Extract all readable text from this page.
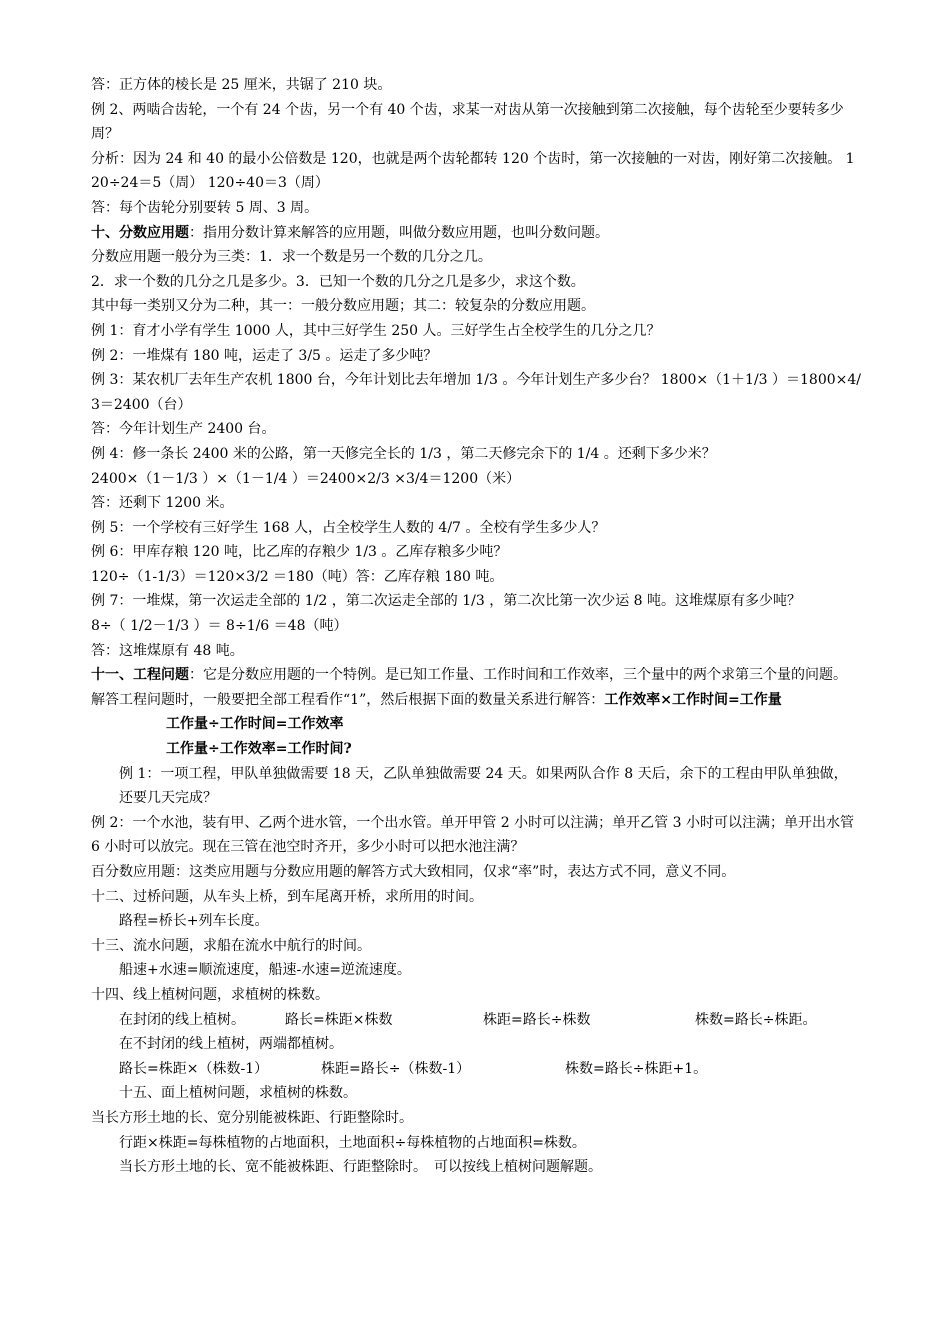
答：正方体的棱长是 25 厘米，共锯了 210 块。

例 2、两啮合齿轮，一个有 24 个齿，另一个有 40 个齿，求某一对齿从第一次接触到第二次接触，每个齿轮至少要转多少周？

分析：因为 24 和 40 的最小公倍数是 120，也就是两个齿轮都转 120 个齿时，第一次接触的一对齿，刚好第二次接触。 120÷24＝5（周） 120÷40＝3（周）

答：每个齿轮分别要转 5 周、3 周。

十、分数应用题：指用分数计算来解答的应用题，叫做分数应用题，也叫分数问题。

分数应用题一般分为三类：1．求一个数是另一个数的几分之几。

2．求一个数的几分之几是多少。3．已知一个数的几分之几是多少，求这个数。

其中每一类别又分为二种，其一：一般分数应用题；其二：较复杂的分数应用题。

例 1：育才小学有学生 1000 人，其中三好学生 250 人。三好学生占全校学生的几分之几？

例 2：一堆煤有 180 吨，运走了 3/5 。运走了多少吨？

例 3：某农机厂去年生产农机 1800 台，今年计划比去年增加 1/3 。今年计划生产多少台？ 1800×（1＋1/3 ）＝1800×4/3＝2400（台）

答：今年计划生产 2400 台。

例 4：修一条长 2400 米的公路，第一天修完全长的 1/3 ，第二天修完余下的 1/4 。还剩下多少米？

2400×（1－1/3 ）×（1－1/4 ）＝2400×2/3 ×3/4＝1200（米）

答：还剩下 1200 米。

例 5：一个学校有三好学生 168 人，占全校学生人数的 4/7 。全校有学生多少人？

例 6：甲库存粮 120 吨，比乙库的存粮少 1/3 。乙库存粮多少吨？

120÷（1-1/3）＝120×3/2 ＝180（吨）答：乙库存粮 180 吨。

例 7：一堆煤，第一次运走全部的 1/2 ，第二次运走全部的 1/3 ，第二次比第一次少运 8 吨。这堆煤原有多少吨？

8÷（ 1/2－1/3 ）＝ 8÷1/6 ＝48（吨）

答：这堆煤原有 48 吨。

十一、工程问题：它是分数应用题的一个特例。是已知工作量、工作时间和工作效率，三个量中的两个求第三个量的问题。

解答工程问题时，一般要把全部工程看作“1”，然后根据下面的数量关系进行解答：工作效率×工作时间=工作量

工作量÷工作时间=工作效率

工作量÷工作效率=工作时间?

例 1：一项工程，甲队单独做需要 18 天，乙队单独做需要 24 天。如果两队合作 8 天后，余下的工程由甲队单独做，还要几天完成？

例 2：一个水池，装有甲、乙两个进水管，一个出水管。单开甲管 2 小时可以注满；单开乙管 3 小时可以注满；单开出水管 6 小时可以放完。现在三管在池空时齐开，多少小时可以把水池注满？

百分数应用题：这类应用题与分数应用题的解答方式大致相同，仅求“率”时，表达方式不同，意义不同。

十二、过桥问题，从车头上桥，到车尾离开桥，求所用的时间。

路程=桥长+列车长度。

十三、流水问题，求船在流水中航行的时间。

船速+水速=顺流速度，船速-水速=逆流速度。

十四、线上植树问题，求植树的株数。

在封闭的线上植树。	路长=株距×株数	株距=路长÷株数	株数=路长÷株距。

在不封闭的线上植树，两端都植树。

路长=株距×（株数-1）	株距=路长÷（株数-1）	株数=路长÷株距+1。

十五、面上植树问题，求植树的株数。

当长方形土地的长、宽分别能被株距、行距整除时。

行距×株距=每株植物的占地面积，土地面积÷每株植物的占地面积=株数。

当长方形土地的长、宽不能被株距、行距整除时。　可以按线上植树问题解题。
